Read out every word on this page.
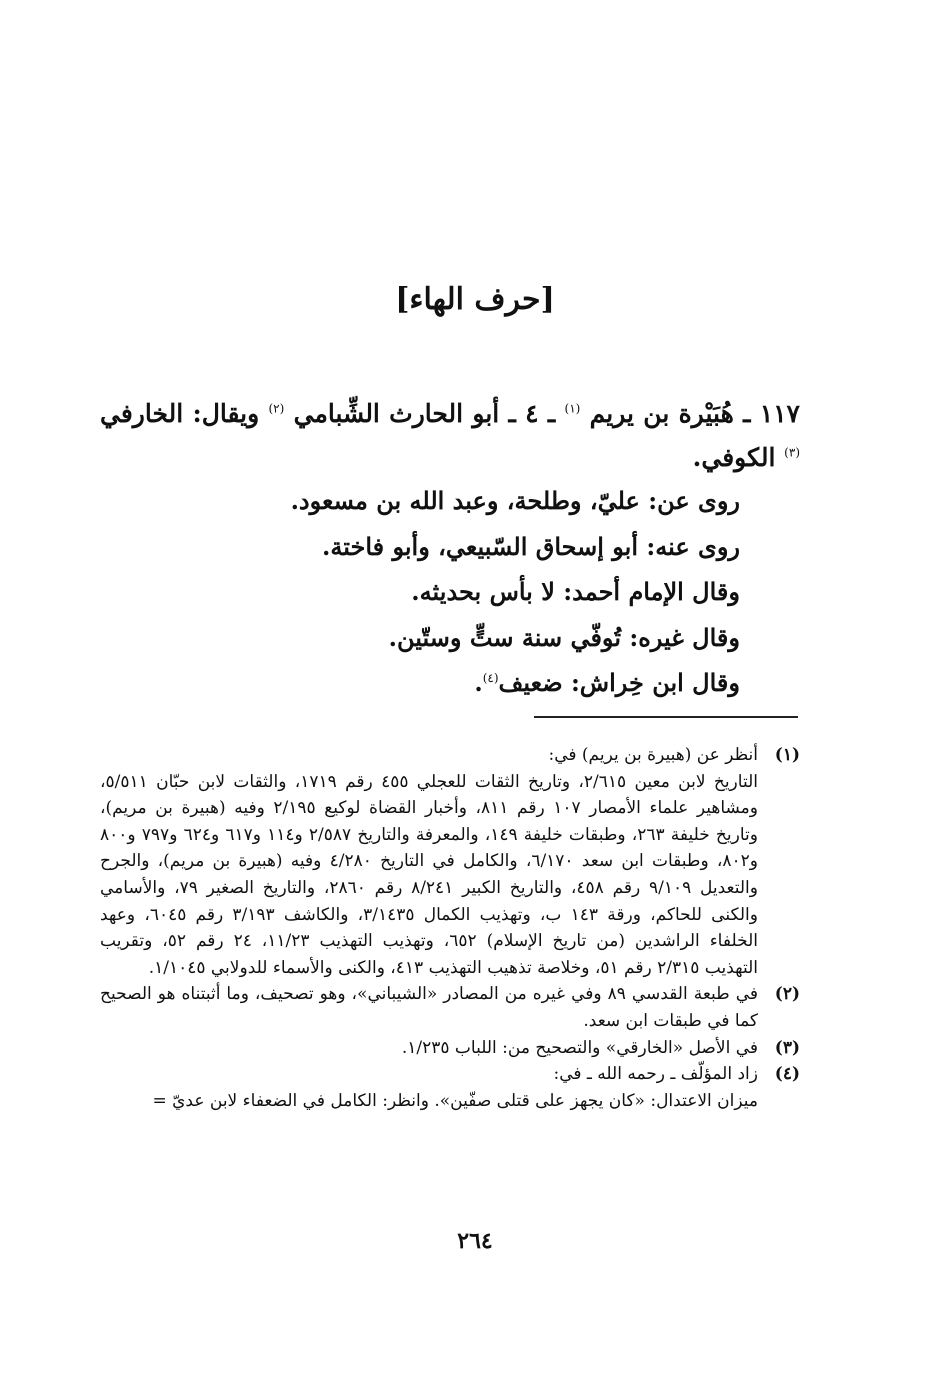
[حرف الهاء]
١١٧ ـ هُبَيْرة بن يريم $^{(١)}$ ـ ٤ ـ أبو الحارث الشِّبامي $^{(٢)}$ ويقال: الخارفي $^{(٣)}$ الكوفي.
روى عن: عليّ، وطلحة، وعبد الله بن مسعود.
روى عنه: أبو إسحاق السّبيعي، وأبو فاختة.
وقال الإمام أحمد: لا بأس بحديثه.
وقال غيره: تُوفّي سنة ستٍّ وستّين.
وقال ابن خِراش: ضعيف$^{(٤)}$.
(١)

أنظر عن (هبيرة بن يريم) في:

التاريخ لابن معين ٢/٦١٥، وتاريخ الثقات للعجلي ٤٥٥ رقم ١٧١٩، والثقات لابن حبّان ٥/٥١١، ومشاهير علماء الأمصار ١٠٧ رقم ٨١١، وأخبار القضاة لوكيع ٢/١٩٥ وفيه (هبيرة بن مريم)، وتاريخ خليفة ٢٦٣، وطبقات خليفة ١٤٩، والمعرفة والتاريخ ٢/٥٨٧ و١١٤ و٦١٧ و٦٢٤ و٧٩٧ و٨٠٠ و٨٠٢، وطبقات ابن سعد ٦/١٧٠، والكامل في التاريخ ٤/٢٨٠ وفيه (هبيرة بن مريم)، والجرح والتعديل ٩/١٠٩ رقم ٤٥٨، والتاريخ الكبير ٨/٢٤١ رقم ٢٨٦٠، والتاريخ الصغير ٧٩، والأسامي والكنى للحاكم، ورقة ١٤٣ ب، وتهذيب الكمال ٣/١٤٣٥، والكاشف ٣/١٩٣ رقم ٦٠٤٥، وعهد الخلفاء الراشدين (من تاريخ الإسلام) ٦٥٢، وتهذيب التهذيب ١١/٢٣، ٢٤ رقم ٥٢، وتقريب التهذيب ٢/٣١٥ رقم ٥١، وخلاصة تذهيب التهذيب ٤١٣، والكنى والأسماء للدولابي ١/١٠٤٥.

(٢)

في طبعة القدسي ٨٩ وفي غيره من المصادر «الشيباني»، وهو تصحيف، وما أثبتناه هو الصحيح كما في طبقات ابن سعد.

(٣)

في الأصل «الخارقي» والتصحيح من: اللباب ١/٢٣٥.

(٤)

زاد المؤلّف ـ رحمه الله ـ في:

ميزان الاعتدال: «كان يجهز على قتلى صفّين». وانظر: الكامل في الضعفاء لابن عديّ =

٢٦٤
